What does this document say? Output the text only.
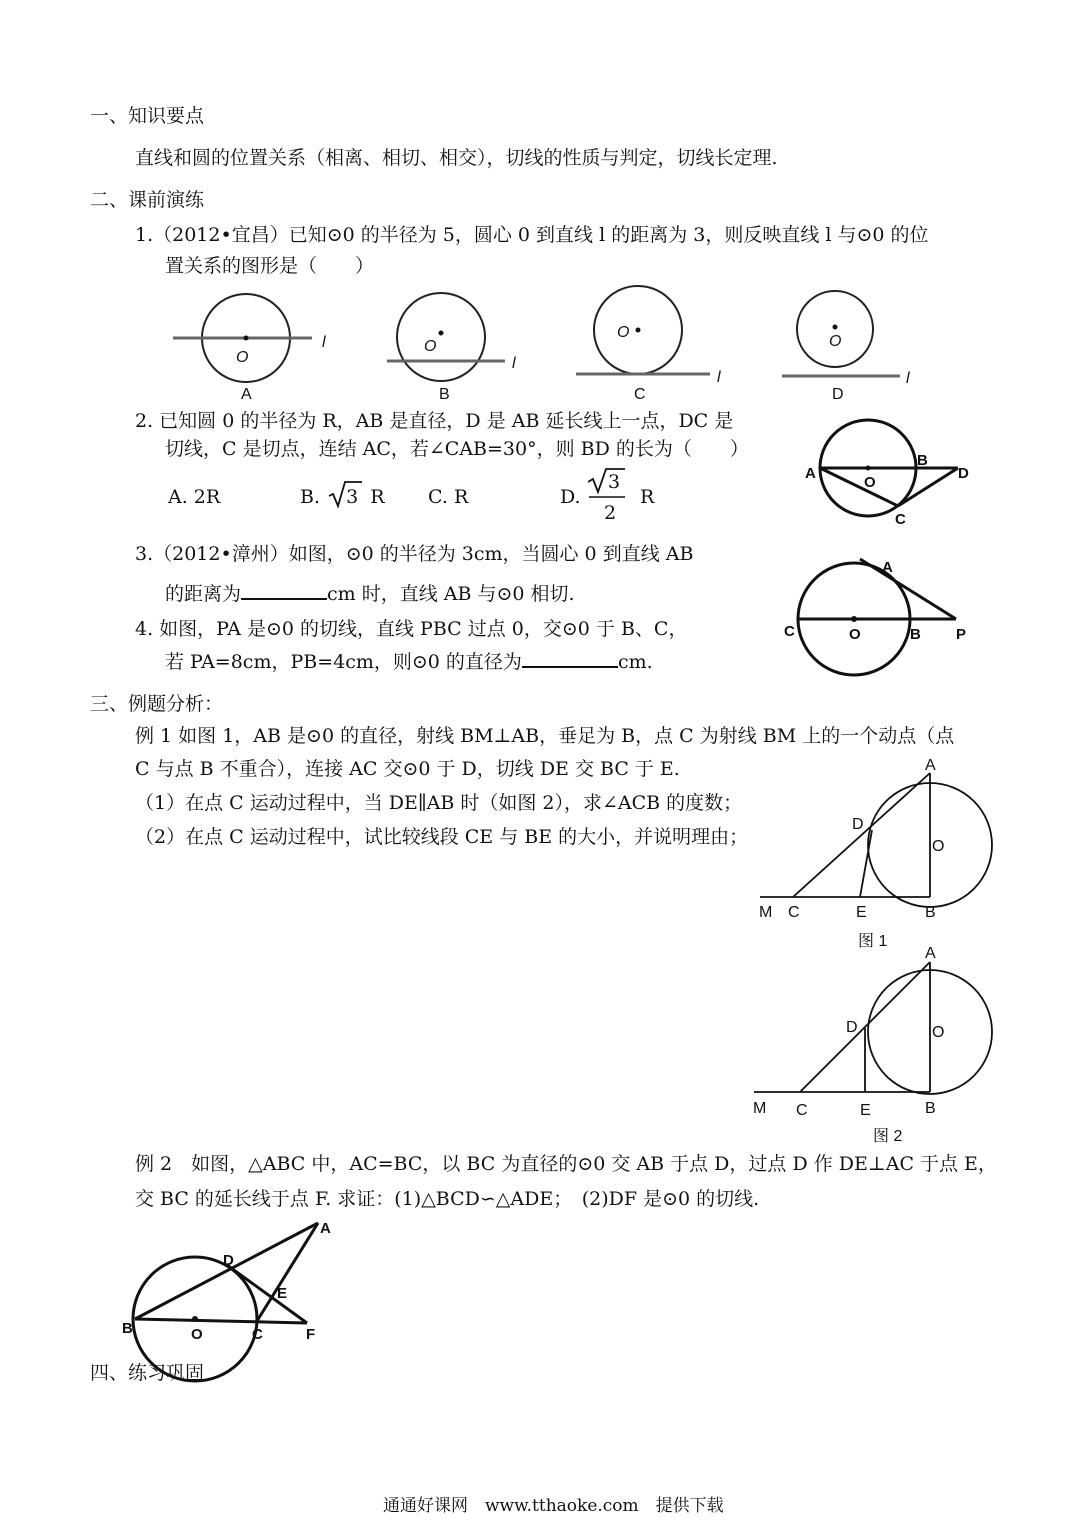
一、知识要点
直线和圆的位置关系（相离、相切、相交），切线的性质与判定，切线长定理.
二、课前演练
1.（2012•宜昌）已知⊙0 的半径为 5，圆心 0 到直线 l 的距离为 3，则反映直线 l 与⊙0 的位
置关系的图形是（　　）
O
l
A
O
l
B
O
l
C
O
l
D
2. 已知圆 0 的半径为 R，AB 是直径，D 是 AB 延长线上一点，DC 是
切线，C 是切点，连结 AC，若∠CAB=30°，则 BD 的长为（　　）
A. 2R	B. 3 R C. R	D.
3
2
R
A
B
D
O
C
3.（2012•漳州）如图，⊙0 的半径为 3cm，当圆心 0 到直线 AB
的距离为	cm 时，直线 AB 与⊙0 相切.
4. 如图，PA 是⊙0 的切线，直线 PBC 过点 0，交⊙0 于 B、C，
若 PA=8cm，PB=4cm，则⊙0 的直径为	cm.
A
C	O	B P
三、例题分析：
例 1 如图 1，AB 是⊙0 的直径，射线 BM⊥AB，垂足为 B，点 C 为射线 BM 上的一个动点（点
C 与点 B 不重合），连接 AC 交⊙0 于 D，切线 DE 交 BC 于 E.
（1）在点 C 运动过程中，当 DE∥AB 时（如图 2），求∠ACB 的度数；
（2）在点 C 运动过程中，试比较线段 CE 与 BE 的大小，并说明理由；
A
D
O
M C	E	B
图 1
A
D	O
M C	E	B
图 2
例 2　如图，△ABC 中，AC=BC，以 BC 为直径的⊙0 交 AB 于点 D，过点 D 作 DE⊥AC 于点 E，
交 BC 的延长线于点 F. 求证：(1)△BCD∽△ADE；　(2)DF 是⊙0 的切线.
A
D
E
B	O	C	F
四、练习巩固
通通好课网　www.tthaoke.com　提供下载
